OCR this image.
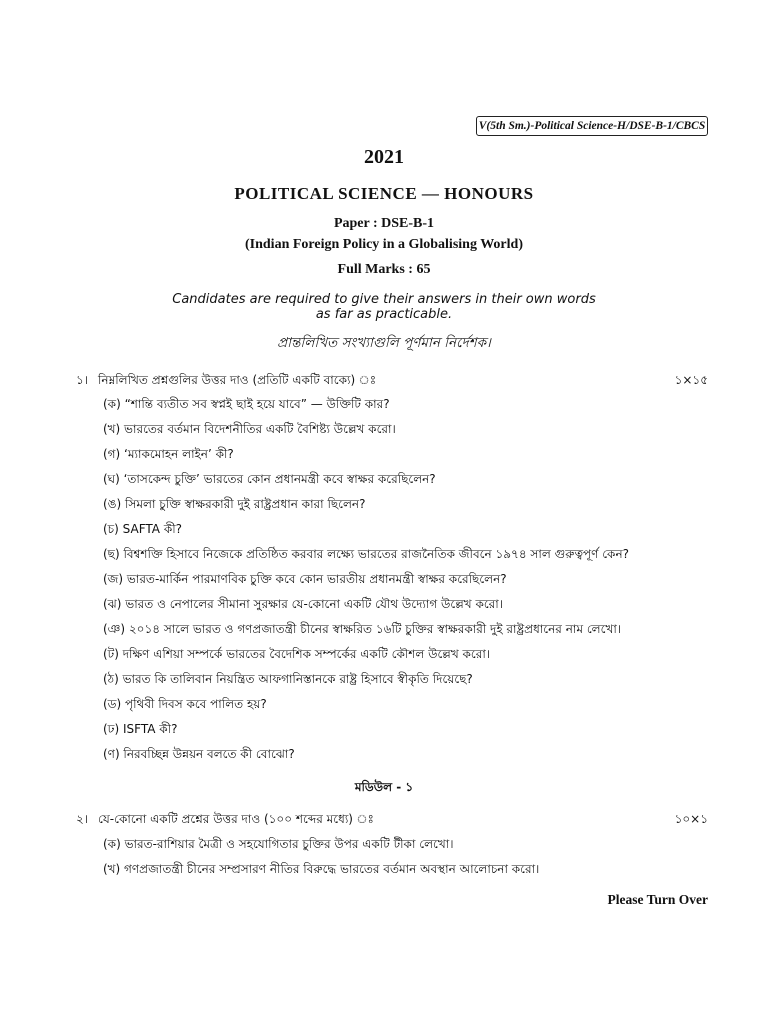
V(5th Sm.)-Political Science-H/DSE-B-1/CBCS
2021
POLITICAL SCIENCE — HONOURS
Paper : DSE-B-1
(Indian Foreign Policy in a Globalising World)
Full Marks : 65
Candidates are required to give their answers in their own words
as far as practicable.
প্রান্তলিখিত সংখ্যাগুলি পূর্ণমান নির্দেশক।
১। নিম্নলিখিত প্রশ্নগুলির উত্তর দাও (প্রতিটি একটি বাক্যে) ঃ	১×১৫
(ক) “শান্তি ব্যতীত সব স্বপ্নই ছাই হয়ে যাবে” — উক্তিটি কার?
(খ) ভারতের বর্তমান বিদেশনীতির একটি বৈশিষ্ট্য উল্লেখ করো।
(গ) ‘ম্যাকমোহন লাইন’ কী?
(ঘ) ‘তাসকেন্দ চুক্তি’ ভারতের কোন প্রধানমন্ত্রী কবে স্বাক্ষর করেছিলেন?
(ঙ) সিমলা চুক্তি স্বাক্ষরকারী দুই রাষ্ট্রপ্রধান কারা ছিলেন?
(চ) SAFTA কী?
(ছ) বিশ্বশক্তি হিসাবে নিজেকে প্রতিষ্ঠিত করবার লক্ষ্যে ভারতের রাজনৈতিক জীবনে ১৯৭৪ সাল গুরুত্বপূর্ণ কেন?
(জ) ভারত-মার্কিন পারমাণবিক চুক্তি কবে কোন ভারতীয় প্রধানমন্ত্রী স্বাক্ষর করেছিলেন?
(ঝ) ভারত ও নেপালের সীমানা সুরক্ষার যে-কোনো একটি যৌথ উদ্যোগ উল্লেখ করো।
(ঞ) ২০১৪ সালে ভারত ও গণপ্রজাতন্ত্রী চীনের স্বাক্ষরিত ১৬টি চুক্তির স্বাক্ষরকারী দুই রাষ্ট্রপ্রধানের নাম লেখো।
(ট) দক্ষিণ এশিয়া সম্পর্কে ভারতের বৈদেশিক সম্পর্কের একটি কৌশল উল্লেখ করো।
(ঠ) ভারত কি তালিবান নিয়ন্ত্রিত আফগানিস্তানকে রাষ্ট্র হিসাবে স্বীকৃতি দিয়েছে?
(ড) পৃথিবী দিবস কবে পালিত হয়?
(ঢ) ISFTA কী?
(ণ) নিরবচ্ছিন্ন উন্নয়ন বলতে কী বোঝো?
মডিউল - ১
২। যে-কোনো একটি প্রশ্নের উত্তর দাও (১০০ শব্দের মধ্যে) ঃ	১০×১
(ক) ভারত-রাশিয়ার মৈত্রী ও সহযোগিতার চুক্তির উপর একটি টীকা লেখো।
(খ) গণপ্রজাতন্ত্রী চীনের সম্প্রসারণ নীতির বিরুদ্ধে ভারতের বর্তমান অবস্থান আলোচনা করো।
Please Turn Over
